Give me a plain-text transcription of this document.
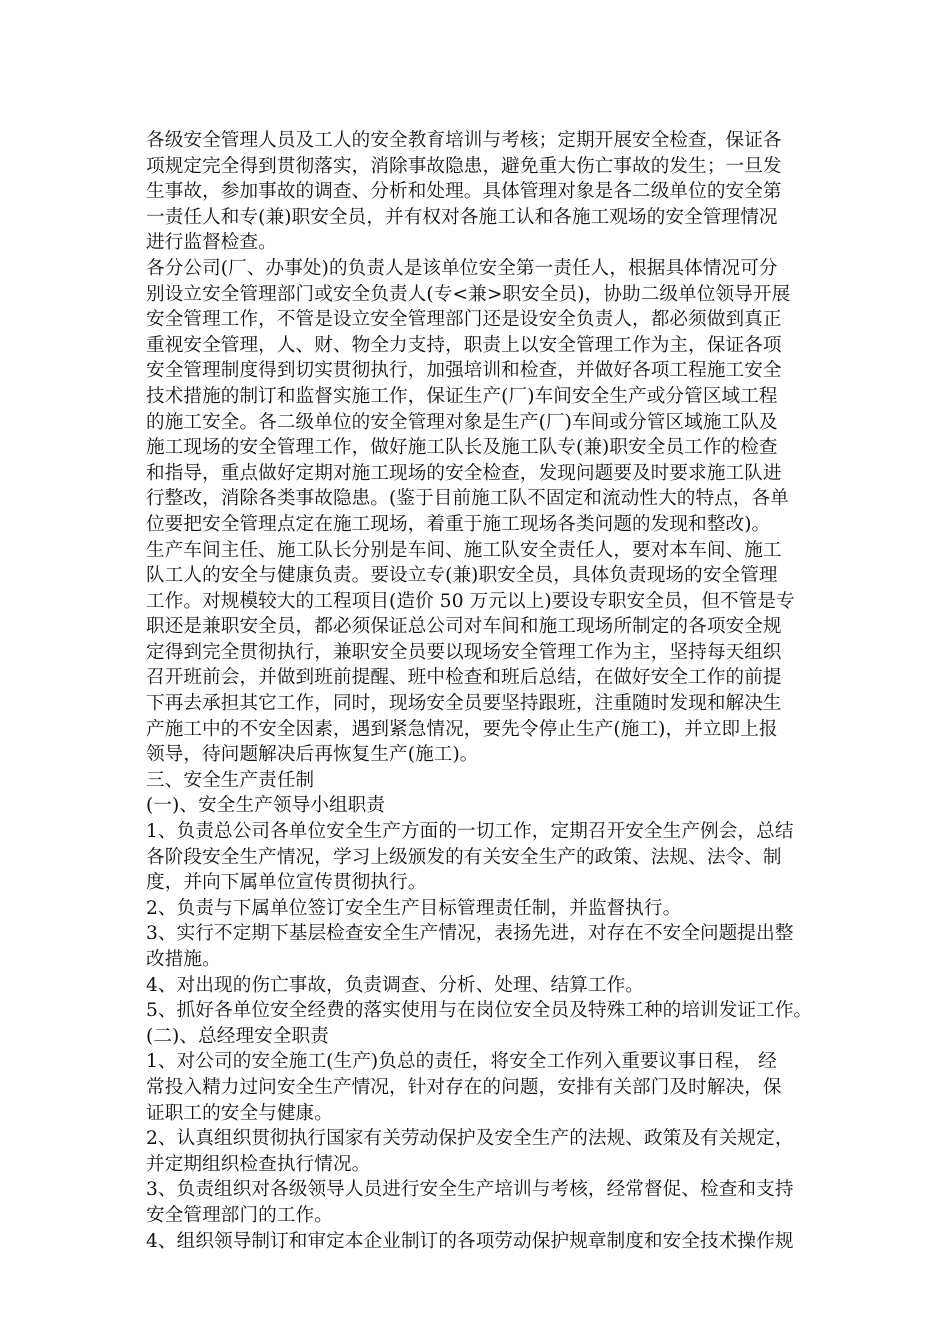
各级安全管理人员及工人的安全教育培训与考核；定期开展安全检查，保证各
项规定完全得到贯彻落实，消除事故隐患，避免重大伤亡事故的发生；一旦发
生事故，参加事故的调查、分析和处理。具体管理对象是各二级单位的安全第
一责任人和专(兼)职安全员，并有权对各施工认和各施工观场的安全管理情况
进行监督检查。
各分公司(厂、办事处)的负责人是该单位安全第一责任人，根据具体情况可分
别设立安全管理部门或安全负责人(专<兼>职安全员)，协助二级单位领导开展
安全管理工作，不管是设立安全管理部门还是设安全负责人，都必须做到真正
重视安全管理，人、财、物全力支持，职责上以安全管理工作为主，保证各项
安全管理制度得到切实贯彻执行，加强培训和检查，并做好各项工程施工安全
技术措施的制订和监督实施工作，保证生产(厂)车间安全生产或分管区域工程
的施工安全。各二级单位的安全管理对象是生产(厂)车间或分管区域施工队及
施工现场的安全管理工作，做好施工队长及施工队专(兼)职安全员工作的检查
和指导，重点做好定期对施工现场的安全检查，发现问题要及时要求施工队进
行整改，消除各类事故隐患。(鉴于目前施工队不固定和流动性大的特点，各单
位要把安全管理点定在施工现场，着重于施工现场各类问题的发现和整改)。
生产车间主任、施工队长分别是车间、施工队安全责任人，要对本车间、施工
队工人的安全与健康负责。要设立专(兼)职安全员，具体负责现场的安全管理
工作。对规模较大的工程项目(造价 50 万元以上)要设专职安全员，但不管是专
职还是兼职安全员，都必须保证总公司对车间和施工现场所制定的各项安全规
定得到完全贯彻执行，兼职安全员要以现场安全管理工作为主，坚持每天组织
召开班前会，并做到班前提醒、班中检查和班后总结，在做好安全工作的前提
下再去承担其它工作，同时，现场安全员要坚持跟班，注重随时发现和解决生
产施工中的不安全因素，遇到紧急情况，要先令停止生产(施工)，并立即上报
领导，待问题解决后再恢复生产(施工)。
三、安全生产责任制
(一)、安全生产领导小组职责
1、负责总公司各单位安全生产方面的一切工作，定期召开安全生产例会，总结
各阶段安全生产情况，学习上级颁发的有关安全生产的政策、法规、法令、制
度，并向下属单位宣传贯彻执行。
2、负责与下属单位签订安全生产目标管理责任制，并监督执行。
3、实行不定期下基层检查安全生产情况，表扬先进，对存在不安全问题提出整
改措施。
4、对出现的伤亡事故，负责调查、分析、处理、结算工作。
5、抓好各单位安全经费的落实使用与在岗位安全员及特殊工种的培训发证工作。
(二)、总经理安全职责
1、对公司的安全施工(生产)负总的责任，将安全工作列入重要议事日程， 经
常投入精力过问安全生产情况，针对存在的问题，安排有关部门及时解决，保
证职工的安全与健康。
2、认真组织贯彻执行国家有关劳动保护及安全生产的法规、政策及有关规定，
并定期组织检查执行情况。
3、负责组织对各级领导人员进行安全生产培训与考核，经常督促、检查和支持
安全管理部门的工作。
4、组织领导制订和审定本企业制订的各项劳动保护规章制度和安全技术操作规
